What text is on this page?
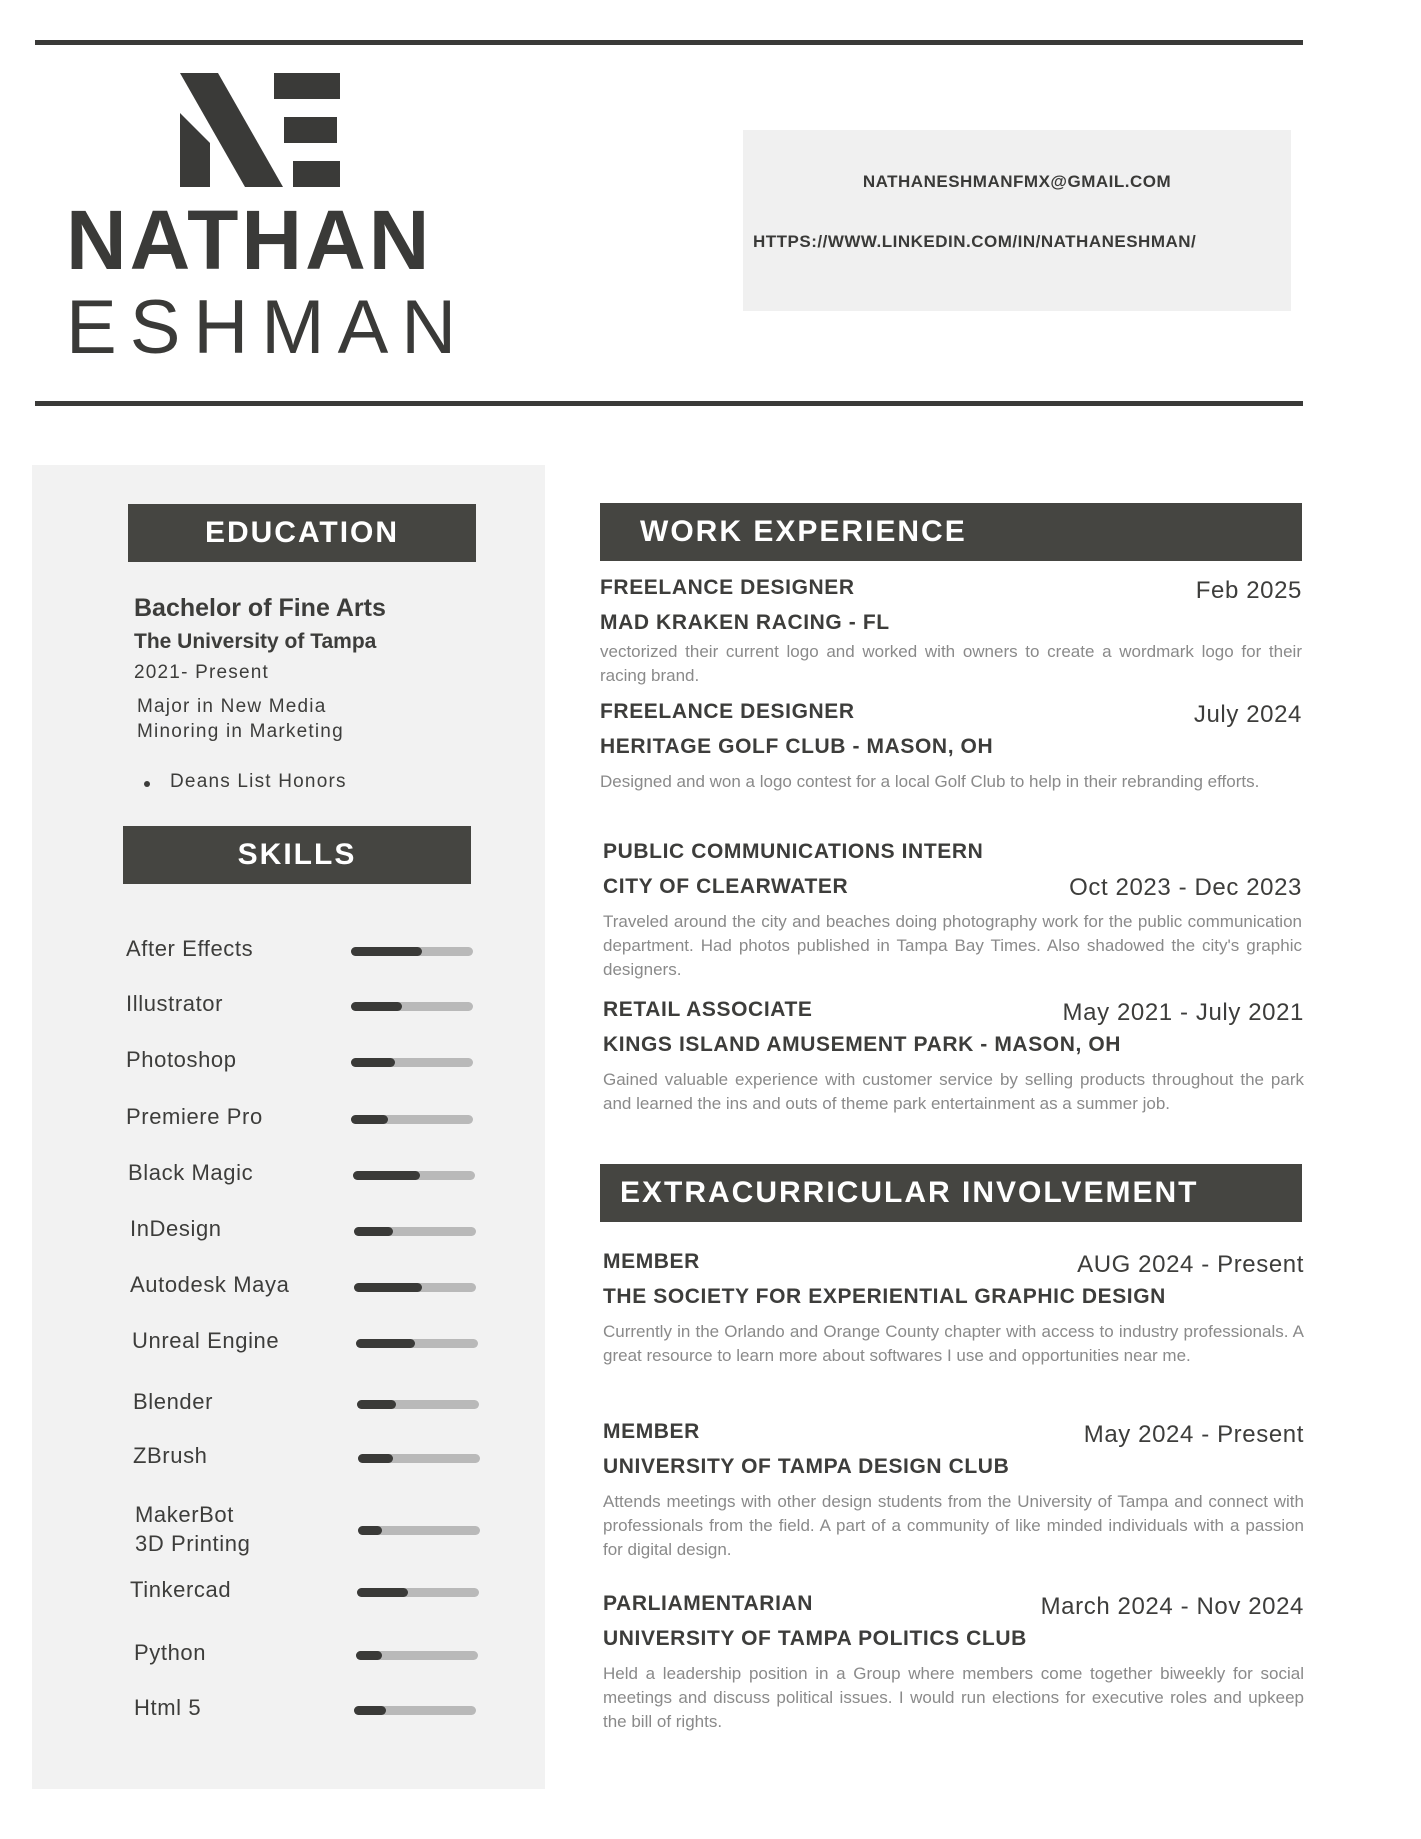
NATHAN
ESHMAN
NATHANESHMANFMX@GMAIL.COM
HTTPS://WWW.LINKEDIN.COM/IN/NATHANESHMAN/
EDUCATION
Bachelor of Fine Arts
The University of Tampa
2021- Present
Major in New Media
Minoring in Marketing
Deans List Honors
SKILLS
After Effects
Illustrator
Photoshop
Premiere Pro
Black Magic
InDesign
Autodesk Maya
Unreal Engine
Blender
ZBrush
MakerBot
3D Printing
Tinkercad
Python
Html 5
WORK EXPERIENCE
FREELANCE DESIGNER	Feb 2025
MAD KRAKEN RACING - FL
vectorized their current logo and worked with owners to create a wordmark logo for their racing brand.
FREELANCE DESIGNER	July 2024
HERITAGE GOLF CLUB - MASON, OH
Designed and won a logo contest for a local Golf Club to help in their rebranding efforts.
PUBLIC COMMUNICATIONS INTERN
Oct 2023 - Dec 2023
CITY OF CLEARWATER
Traveled around the city and beaches doing photography work for the public communication department. Had photos published in Tampa Bay Times. Also shadowed the city's graphic designers.
RETAIL ASSOCIATE	May 2021 - July 2021
KINGS ISLAND AMUSEMENT PARK - MASON, OH
Gained valuable experience with customer service by selling products throughout the park and learned the ins and outs of theme park entertainment as a summer job.
EXTRACURRICULAR INVOLVEMENT
MEMBER	AUG 2024 - Present
THE SOCIETY FOR EXPERIENTIAL GRAPHIC DESIGN
Currently in the Orlando and Orange County chapter with access to industry professionals. A great resource to learn more about softwares I use and opportunities near me.
MEMBER	May 2024 - Present
UNIVERSITY OF TAMPA DESIGN CLUB
Attends meetings with other design students from the University of Tampa and connect with professionals from the field. A part of a community of like minded individuals with a passion for digital design.
PARLIAMENTARIAN	March 2024 - Nov 2024
UNIVERSITY OF TAMPA POLITICS CLUB
Held a leadership position in a Group where members come together biweekly for social meetings and discuss political issues. I would run elections for executive roles and upkeep the bill of rights.
